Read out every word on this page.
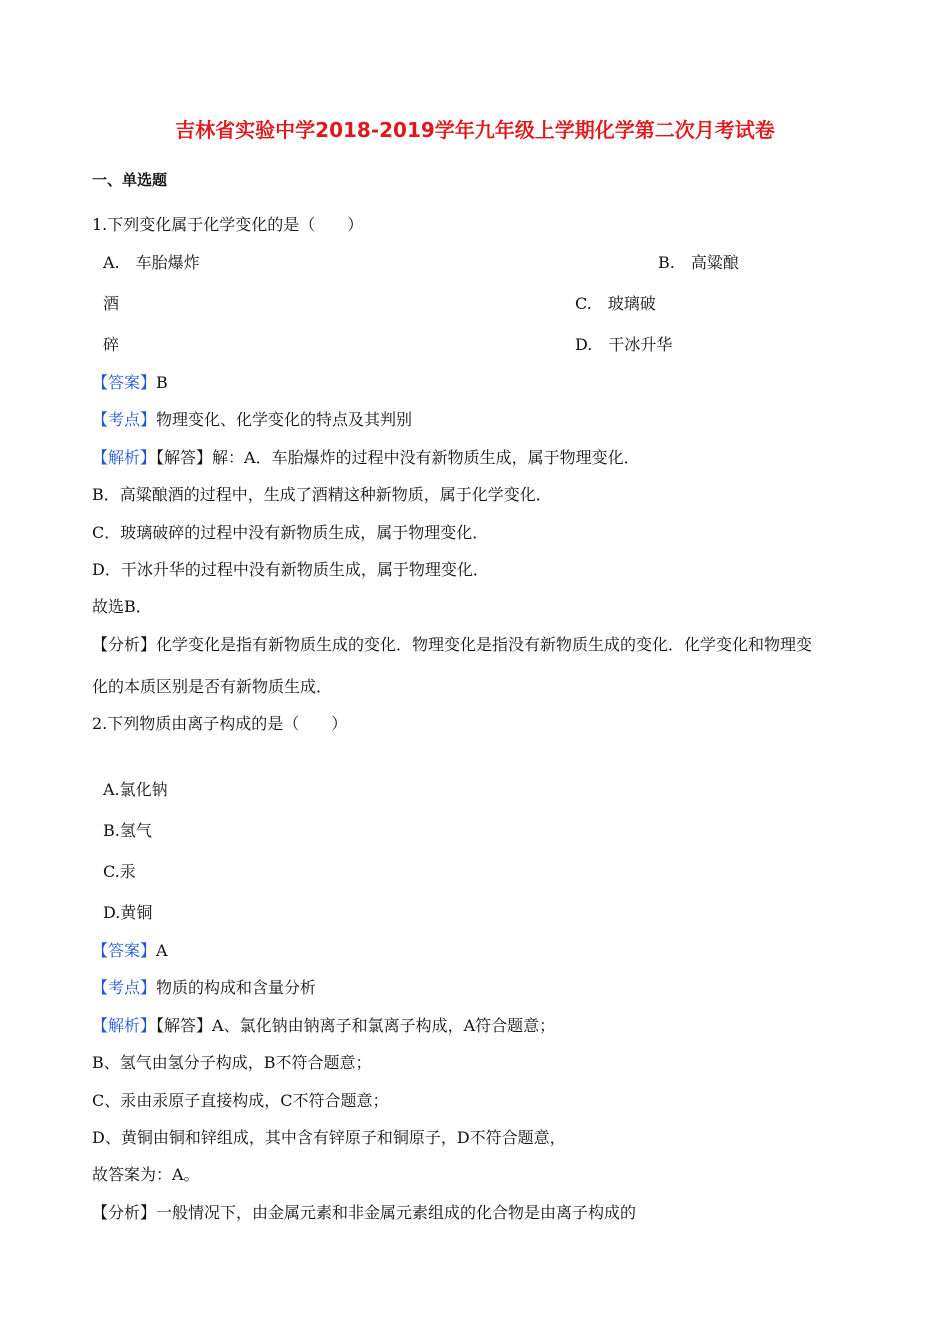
吉林省实验中学2018-2019学年九年级上学期化学第二次月考试卷
一、单选题
1.下列变化属于化学变化的是（　　）
A.　车胎爆炸	B.　高粱酿
酒	C.　玻璃破
碎	D.　干冰升华
【答案】B
【考点】物理变化、化学变化的特点及其判别
【解析】【解答】解：A．车胎爆炸的过程中没有新物质生成，属于物理变化．
B．高粱酿酒的过程中，生成了酒精这种新物质，属于化学变化．
C．玻璃破碎的过程中没有新物质生成，属于物理变化．
D．干冰升华的过程中没有新物质生成，属于物理变化．
故选B．
【分析】化学变化是指有新物质生成的变化．物理变化是指没有新物质生成的变化．化学变化和物理变
化的本质区别是否有新物质生成．
2.下列物质由离子构成的是（　　）
A.氯化钠
B.氢气
C.汞
D.黄铜
【答案】A
【考点】物质的构成和含量分析
【解析】【解答】A、氯化钠由钠离子和氯离子构成，A符合题意；
B、氢气由氢分子构成，B不符合题意；
C、汞由汞原子直接构成，C不符合题意；
D、黄铜由铜和锌组成，其中含有锌原子和铜原子，D不符合题意，
故答案为：A。
【分析】一般情况下，由金属元素和非金属元素组成的化合物是由离子构成的
